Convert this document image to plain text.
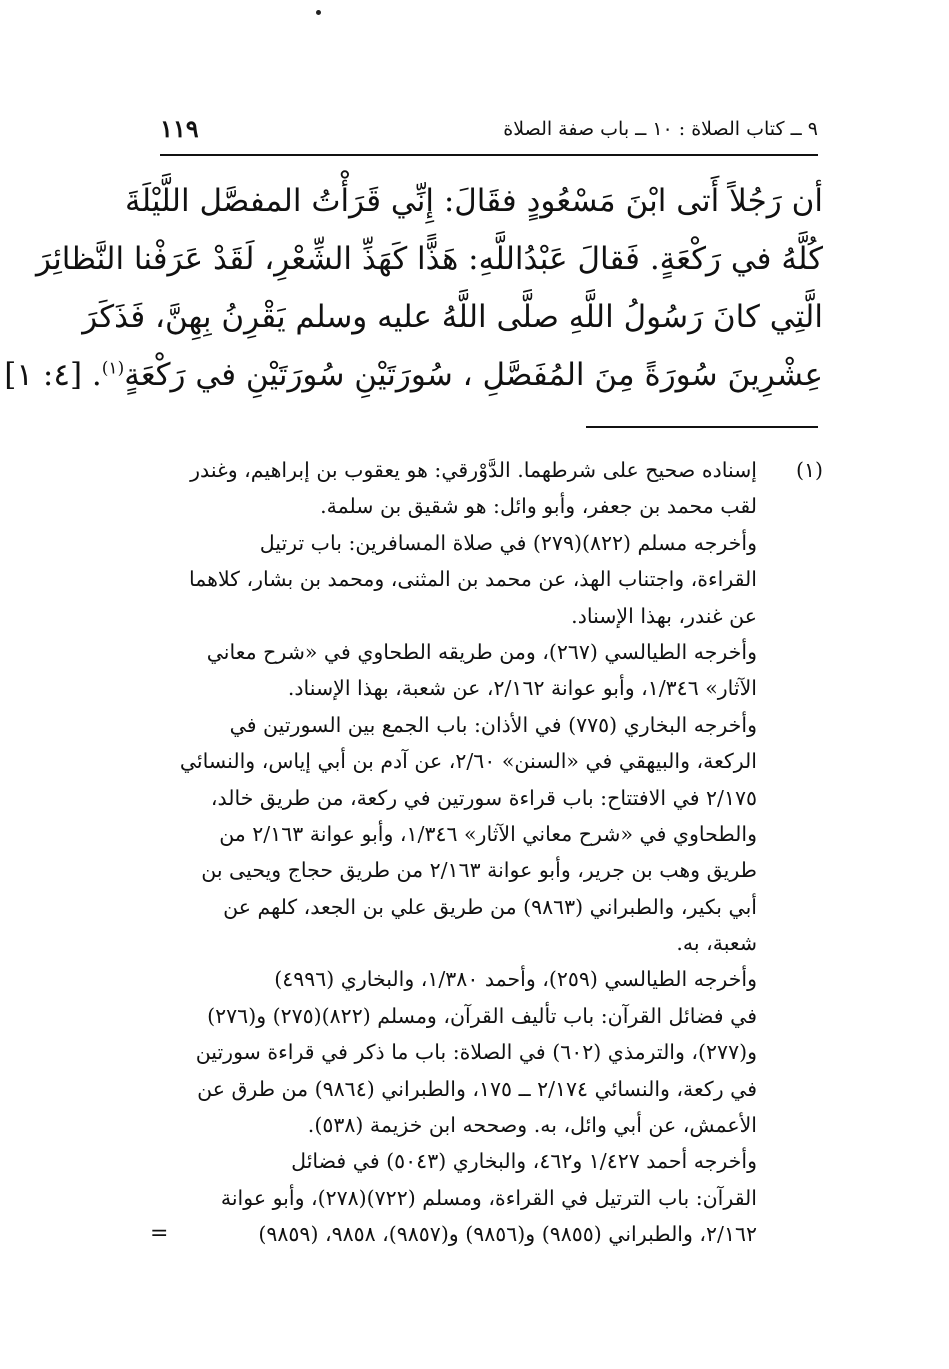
٩ ــ كتاب الصلاة : ١٠ ــ باب صفة الصلاة
١١٩

أن رَجُلاً أَتى ابْنَ مَسْعُودٍ فقَالَ: إِنِّي قَرَأْتُ المفصَّل اللَّيْلَةَ

كُلَّهُ في رَكْعَةٍ. فَقالَ عَبْدُاللَّهِ: هَذًّا كَهَذِّ الشِّعْرِ، لَقَدْ عَرَفْنا النَّظائِرَ

الَّتِي كانَ رَسُولُ اللَّهِ صلَّى اللَّهُ عليه وسلم يَقْرِنُ بِهِنَّ، فَذَكَرَ

عِشْرِينَ سُورَةً مِنَ المُفَصَّلِ ، سُورَتَيْنِ سُورَتَيْنِ في رَكْعَةٍ$^{(١)}$. [٤: ١]

(١)
إسناده صحيح على شرطهما. الدَّوْرقي: هو يعقوب بن إبراهيم، وغندر
لقب محمد بن جعفر، وأبو وائل: هو شقيق بن سلمة.
وأخرجه مسلم (٨٢٢)(٢٧٩) في صلاة المسافرين: باب ترتيل
القراءة، واجتناب الهذ، عن محمد بن المثنى، ومحمد بن بشار، كلاهما
عن غندر، بهذا الإسناد.
وأخرجه الطيالسي (٢٦٧)، ومن طريقه الطحاوي في «شرح معاني
الآثار» ١/٣٤٦، وأبو عوانة ٢/١٦٢، عن شعبة، بهذا الإسناد.
وأخرجه البخاري (٧٧٥) في الأذان: باب الجمع بين السورتين في
الركعة، والبيهقي في «السنن» ٢/٦٠، عن آدم بن أبي إياس، والنسائي
٢/١٧٥ في الافتتاح: باب قراءة سورتين في ركعة، من طريق خالد،
والطحاوي في «شرح معاني الآثار» ١/٣٤٦، وأبو عوانة ٢/١٦٣ من
طريق وهب بن جرير، وأبو عوانة ٢/١٦٣ من طريق حجاج ويحيى بن
أبي بكير، والطبراني (٩٨٦٣) من طريق علي بن الجعد، كلهم عن
شعبة، به.
وأخرجه الطيالسي (٢٥٩)، وأحمد ١/٣٨٠، والبخاري (٤٩٩٦)
في فضائل القرآن: باب تأليف القرآن، ومسلم (٨٢٢)(٢٧٥) و(٢٧٦)
و(٢٧٧)، والترمذي (٦٠٢) في الصلاة: باب ما ذكر في قراءة سورتين
في ركعة، والنسائي ٢/١٧٤ ــ ١٧٥، والطبراني (٩٨٦٤) من طرق عن
الأعمش، عن أبي وائل، به. وصححه ابن خزيمة (٥٣٨).
وأخرجه أحمد ١/٤٢٧ و٤٦٢، والبخاري (٥٠٤٣) في فضائل
القرآن: باب الترتيل في القراءة، ومسلم (٧٢٢)(٢٧٨)، وأبو عوانة
٢/١٦٢، والطبراني (٩٨٥٥) و(٩٨٥٦) و(٩٨٥٧)، ٩٨٥٨، (٩٨٥٩)
=
